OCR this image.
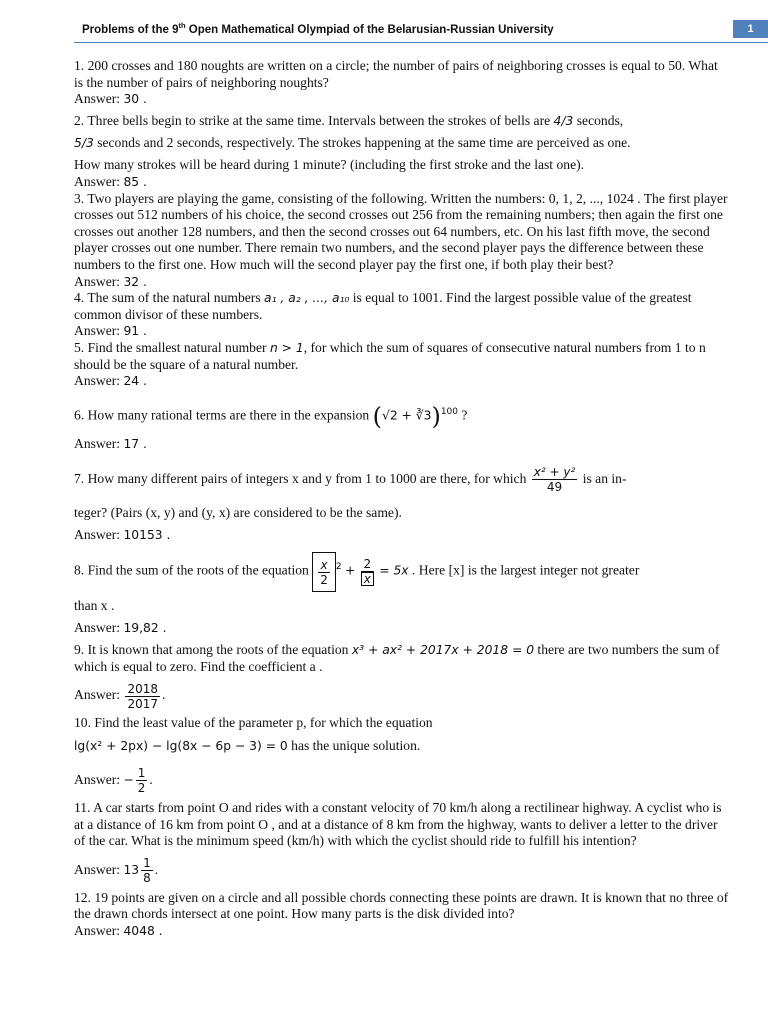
Problems of the 9th Open Mathematical Olympiad of the Belarusian-Russian University	1

1. 200 crosses and 180 noughts are written on a circle; the number of pairs of neighboring crosses is equal to 50. What is the number of pairs of neighboring noughts?

Answer: 30 .

2. Three bells begin to strike at the same time. Intervals between the strokes of bells are 4/3 seconds,

5/3 seconds and 2 seconds, respectively. The strokes happening at the same time are perceived as one.

How many strokes will be heard during 1 minute? (including the first stroke and the last one).

Answer: 85 .

3. Two players are playing the game, consisting of the following. Written the numbers: 0, 1, 2, ..., 1024 . The first player crosses out 512 numbers of his choice, the second crosses out 256 from the remaining numbers; then again the first one crosses out another 128 numbers, and then the second crosses out 64 numbers, etc. On his last fifth move, the second player crosses out one number. There remain two numbers, and the second player pays the difference between these numbers to the first one. How much will the second player pay the first one, if both play their best?

Answer: 32 .

4. The sum of the natural numbers a₁ , a₂ , ..., a₁₀ is equal to 1001. Find the largest possible value of the greatest common divisor of these numbers.

Answer: 91 .

5. Find the smallest natural number n > 1, for which the sum of squares of consecutive natural numbers from 1 to n should be the square of a natural number.

Answer: 24 .

6. How many rational terms are there in the expansion (√2 + ∛3)$^{100}$ ?

Answer: 17 .

7. How many different pairs of integers x and y from 1 to 1000 are there, for which $\frac{\text{x² + y²}}{49}$ is an in-

teger? (Pairs (x, y) and (y, x) are considered to be the same).

Answer: 10153 .

8. Find the sum of the roots of the equation $\frac{x}{2} ^2 + \frac{2}{x} = 5x$ . Here [x] is the largest integer not greater

than x .

Answer: 19,82 .

9. It is known that among the roots of the equation x³ + ax² + 2017x + 2018 = 0 there are two numbers the sum of which is equal to zero. Find the coefficient a .

Answer: $\frac{2018}{2017}$ .

10. Find the least value of the parameter p, for which the equation

lg(x² + 2px) − lg(8x − 6p − 3) = 0 has the unique solution.

Answer: − $\frac{1}{2}$ .

11. A car starts from point O and rides with a constant velocity of 70 km/h along a rectilinear highway. A cyclist who is at a distance of 16 km from point O , and at a distance of 8 km from the highway, wants to deliver a letter to the driver of the car. What is the minimum speed (km/h) with which the cyclist should ride to fulfill his intention?

Answer: $13 \frac{1}{8}$ .

12. 19 points are given on a circle and all possible chords connecting these points are drawn. It is known that no three of the drawn chords intersect at one point. How many parts is the disk divided into?

Answer: 4048 .
